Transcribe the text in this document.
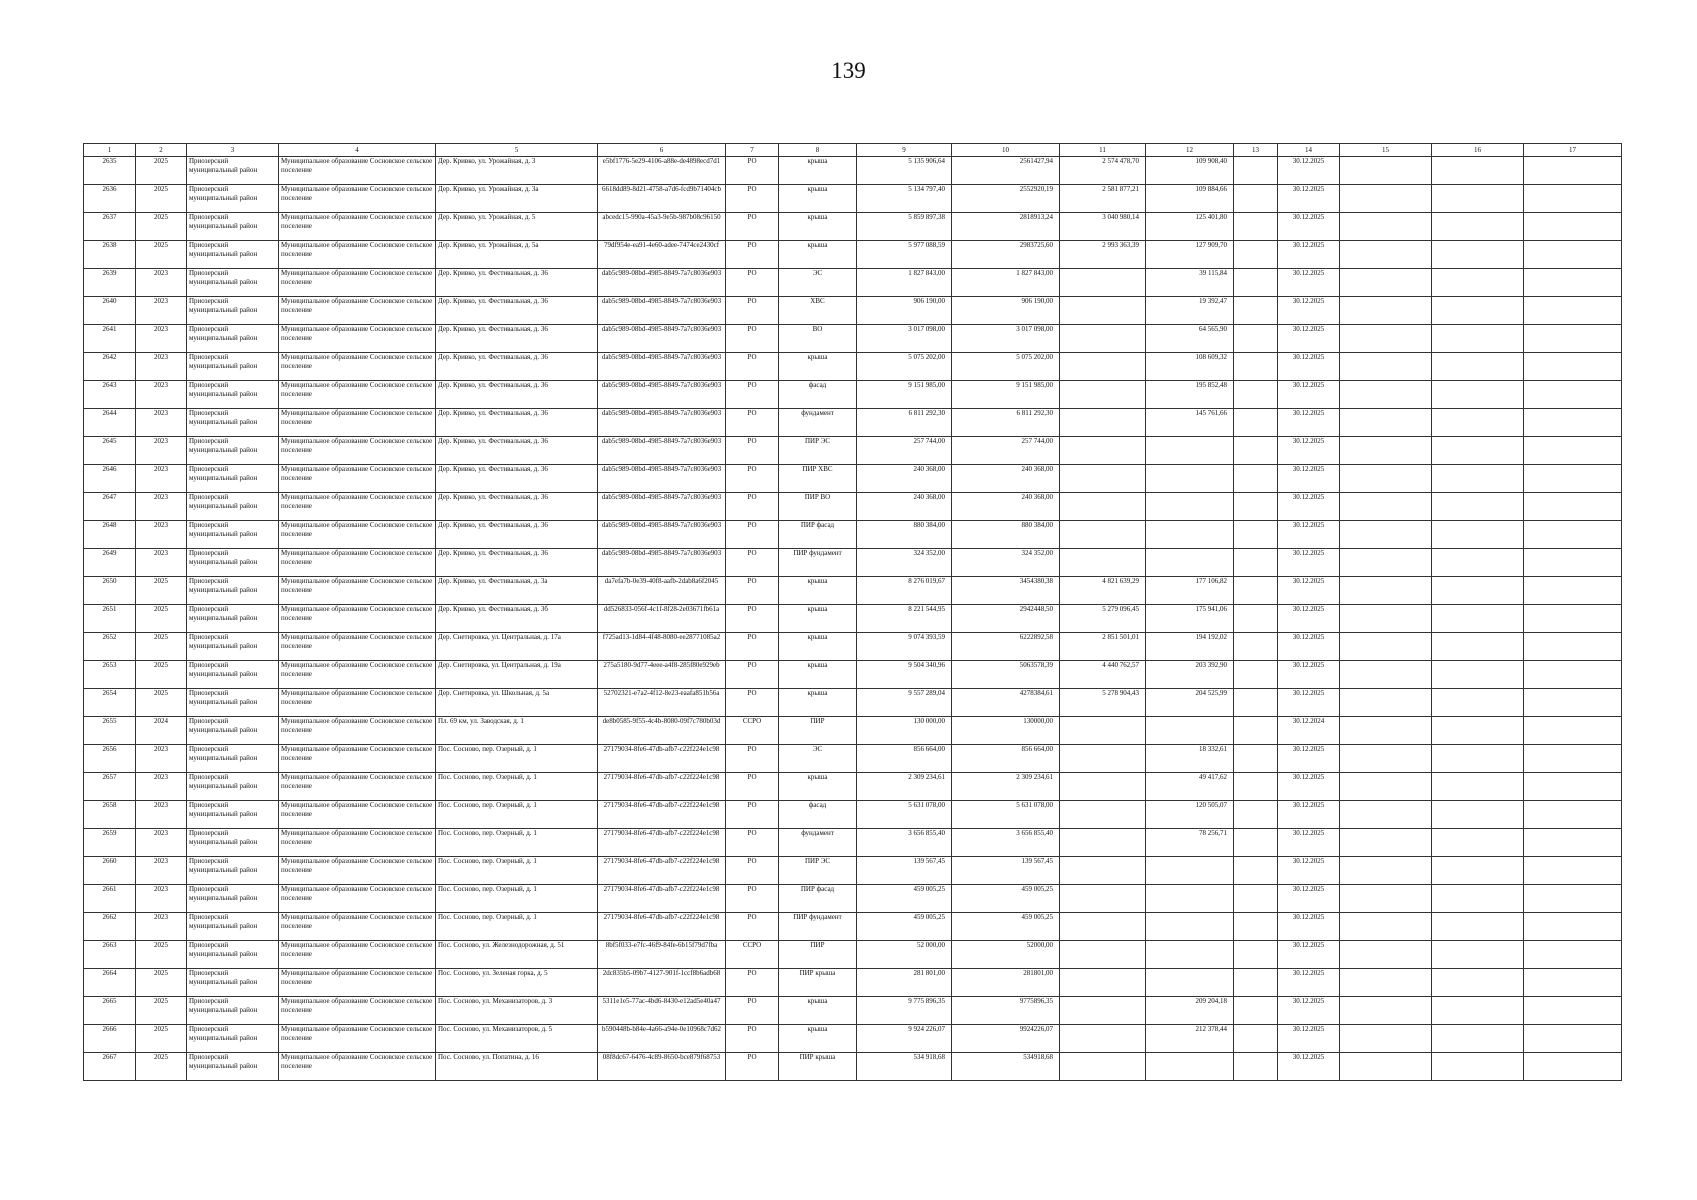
139
1	2	3	4	5	6	7	8	9	10	11	12	13	14	15	16	17
2635	2025	Приозерский муниципальный район	Муниципальное образование Сосновское сельское поселение	Дер. Кривко, ул. Урожайная, д. 3	e5bf1776-5e29-4106-a88e-de4898ecd7d1	РО	крыша	5 135 906,64	2561427,94	2 574 478,70	109 908,40		30.12.2025			
2636	2025	Приозерский муниципальный район	Муниципальное образование Сосновское сельское поселение	Дер. Кривко, ул. Урожайная, д. 3а	6618dd89-8d21-4758-a7d6-fcd9b71404cb	РО	крыша	5 134 797,40	2552920,19	2 581 877,21	109 884,66		30.12.2025			
2637	2025	Приозерский муниципальный район	Муниципальное образование Сосновское сельское поселение	Дер. Кривко, ул. Урожайная, д. 5	abcedc15-990a-45a3-9e5b-987b08c96150	РО	крыша	5 859 897,38	2818913,24	3 040 980,14	125 401,80		30.12.2025			
2638	2025	Приозерский муниципальный район	Муниципальное образование Сосновское сельское поселение	Дер. Кривко, ул. Урожайная, д. 5а	79df954e-ea91-4e60-adee-7474ce2430cf	РО	крыша	5 977 088,59	2983725,60	2 993 363,39	127 909,70		30.12.2025			
2639	2023	Приозерский муниципальный район	Муниципальное образование Сосновское сельское поселение	Дер. Кривко, ул. Фестивальная, д. 36	dab5c989-08bd-4985-8849-7a7c8036e903	РО	ЭС	1 827 843,00	1 827 843,00		39 115,84		30.12.2025			
2640	2023	Приозерский муниципальный район	Муниципальное образование Сосновское сельское поселение	Дер. Кривко, ул. Фестивальная, д. 36	dab5c989-08bd-4985-8849-7a7c8036e903	РО	ХВС	906 190,00	906 190,00		19 392,47		30.12.2025			
2641	2023	Приозерский муниципальный район	Муниципальное образование Сосновское сельское поселение	Дер. Кривко, ул. Фестивальная, д. 36	dab5c989-08bd-4985-8849-7a7c8036e903	РО	ВО	3 017 098,00	3 017 098,00		64 565,90		30.12.2025			
2642	2023	Приозерский муниципальный район	Муниципальное образование Сосновское сельское поселение	Дер. Кривко, ул. Фестивальная, д. 36	dab5c989-08bd-4985-8849-7a7c8036e903	РО	крыша	5 075 202,00	5 075 202,00		108 609,32		30.12.2025			
2643	2023	Приозерский муниципальный район	Муниципальное образование Сосновское сельское поселение	Дер. Кривко, ул. Фестивальная, д. 36	dab5c989-08bd-4985-8849-7a7c8036e903	РО	фасад	9 151 985,00	9 151 985,00		195 852,48		30.12.2025			
2644	2023	Приозерский муниципальный район	Муниципальное образование Сосновское сельское поселение	Дер. Кривко, ул. Фестивальная, д. 36	dab5c989-08bd-4985-8849-7a7c8036e903	РО	фундамент	6 811 292,30	6 811 292,30		145 761,66		30.12.2025			
2645	2023	Приозерский муниципальный район	Муниципальное образование Сосновское сельское поселение	Дер. Кривко, ул. Фестивальная, д. 36	dab5c989-08bd-4985-8849-7a7c8036e903	РО	ПИР ЭС	257 744,00	257 744,00				30.12.2025			
2646	2023	Приозерский муниципальный район	Муниципальное образование Сосновское сельское поселение	Дер. Кривко, ул. Фестивальная, д. 36	dab5c989-08bd-4985-8849-7a7c8036e903	РО	ПИР ХВС	240 368,00	240 368,00				30.12.2025			
2647	2023	Приозерский муниципальный район	Муниципальное образование Сосновское сельское поселение	Дер. Кривко, ул. Фестивальная, д. 36	dab5c989-08bd-4985-8849-7a7c8036e903	РО	ПИР ВО	240 368,00	240 368,00				30.12.2025			
2648	2023	Приозерский муниципальный район	Муниципальное образование Сосновское сельское поселение	Дер. Кривко, ул. Фестивальная, д. 36	dab5c989-08bd-4985-8849-7a7c8036e903	РО	ПИР фасад	880 384,00	880 384,00				30.12.2025			
2649	2023	Приозерский муниципальный район	Муниципальное образование Сосновское сельское поселение	Дер. Кривко, ул. Фестивальная, д. 36	dab5c989-08bd-4985-8849-7a7c8036e903	РО	ПИР фундамент	324 352,00	324 352,00				30.12.2025			
2650	2025	Приозерский муниципальный район	Муниципальное образование Сосновское сельское поселение	Дер. Кривко, ул. Фестивальная, д. 3а	da7efa7b-0e39-40f8-aafb-2dab8a6f2045	РО	крыша	8 276 019,67	3454380,38	4 821 639,29	177 106,82		30.12.2025			
2651	2025	Приозерский муниципальный район	Муниципальное образование Сосновское сельское поселение	Дер. Кривко, ул. Фестивальная, д. 3б	dd526833-056f-4c1f-8f28-2e03671fb61a	РО	крыша	8 221 544,95	2942448,50	5 279 096,45	175 941,06		30.12.2025			
2652	2025	Приозерский муниципальный район	Муниципальное образование Сосновское сельское поселение	Дер. Снетировка, ул. Центральная, д. 17а	f725ad13-1d84-4f48-8080-ee28771085a2	РО	крыша	9 074 393,59	6222892,58	2 851 501,01	194 192,02		30.12.2025			
2653	2025	Приозерский муниципальный район	Муниципальное образование Сосновское сельское поселение	Дер. Снетировка, ул. Центральная, д. 19а	275a5180-9d77-4eee-a4f8-285f80e929eb	РО	крыша	9 504 340,96	5063578,39	4 440 762,57	203 392,90		30.12.2025			
2654	2025	Приозерский муниципальный район	Муниципальное образование Сосновское сельское поселение	Дер. Снетировка, ул. Школьная, д. 5а	52702321-e7a2-4f12-8e23-eaafa851b56a	РО	крыша	9 557 289,04	4278384,61	5 278 904,43	204 525,99		30.12.2025			
2655	2024	Приозерский муниципальный район	Муниципальное образование Сосновское сельское поселение	Пл. 69 км, ул. Заводская, д. 1	de8b0585-9f55-4c4b-8080-09f7c780b03d	ССРО	ПИР	130 000,00	130000,00				30.12.2024			
2656	2023	Приозерский муниципальный район	Муниципальное образование Сосновское сельское поселение	Пос. Сосново, пер. Озерный, д. 1	27179034-8fe6-47db-afb7-c22f224e1c98	РО	ЭС	856 664,00	856 664,00		18 332,61		30.12.2025			
2657	2023	Приозерский муниципальный район	Муниципальное образование Сосновское сельское поселение	Пос. Сосново, пер. Озерный, д. 1	27179034-8fe6-47db-afb7-c22f224e1c98	РО	крыша	2 309 234,61	2 309 234,61		49 417,62		30.12.2025			
2658	2023	Приозерский муниципальный район	Муниципальное образование Сосновское сельское поселение	Пос. Сосново, пер. Озерный, д. 1	27179034-8fe6-47db-afb7-c22f224e1c98	РО	фасад	5 631 078,00	5 631 078,00		120 505,07		30.12.2025			
2659	2023	Приозерский муниципальный район	Муниципальное образование Сосновское сельское поселение	Пос. Сосново, пер. Озерный, д. 1	27179034-8fe6-47db-afb7-c22f224e1c98	РО	фундамент	3 656 855,40	3 656 855,40		78 256,71		30.12.2025			
2660	2023	Приозерский муниципальный район	Муниципальное образование Сосновское сельское поселение	Пос. Сосново, пер. Озерный, д. 1	27179034-8fe6-47db-afb7-c22f224e1c98	РО	ПИР ЭС	139 567,45	139 567,45				30.12.2025			
2661	2023	Приозерский муниципальный район	Муниципальное образование Сосновское сельское поселение	Пос. Сосново, пер. Озерный, д. 1	27179034-8fe6-47db-afb7-c22f224e1c98	РО	ПИР фасад	459 005,25	459 005,25				30.12.2025			
2662	2023	Приозерский муниципальный район	Муниципальное образование Сосновское сельское поселение	Пос. Сосново, пер. Озерный, д. 1	27179034-8fe6-47db-afb7-c22f224e1c98	РО	ПИР фундамент	459 005,25	459 005,25				30.12.2025			
2663	2025	Приозерский муниципальный район	Муниципальное образование Сосновское сельское поселение	Пос. Сосново, ул. Железнодорожная, д. 51	8bf5f033-e7fc-46f9-84fe-6b15f79d7fba	ССРО	ПИР	52 000,00	52000,00				30.12.2025			
2664	2025	Приозерский муниципальный район	Муниципальное образование Сосновское сельское поселение	Пос. Сосново, ул. Зеленая горка, д. 5	2dc835b5-09b7-4127-901f-1ccf8b6adb68	РО	ПИР крыша	281 801,00	281801,00				30.12.2025			
2665	2025	Приозерский муниципальный район	Муниципальное образование Сосновское сельское поселение	Пос. Сосново, ул. Механизаторов, д. 3	5311e1e5-77ac-4bd6-8430-e12ad5e40a47	РО	крыша	9 775 896,35	9775896,35		209 204,18		30.12.2025			
2666	2025	Приозерский муниципальный район	Муниципальное образование Сосновское сельское поселение	Пос. Сосново, ул. Механизаторов, д. 5	b590448b-b84e-4a66-a94e-0e10968c7d62	РО	крыша	9 924 226,07	9924226,07		212 378,44		30.12.2025			
2667	2025	Приозерский муниципальный район	Муниципальное образование Сосновское сельское поселение	Пос. Сосново, ул. Попатина, д. 16	08f8dc67-6476-4c89-8650-bce879f68753	РО	ПИР крыша	534 918,68	534918,68				30.12.2025			
